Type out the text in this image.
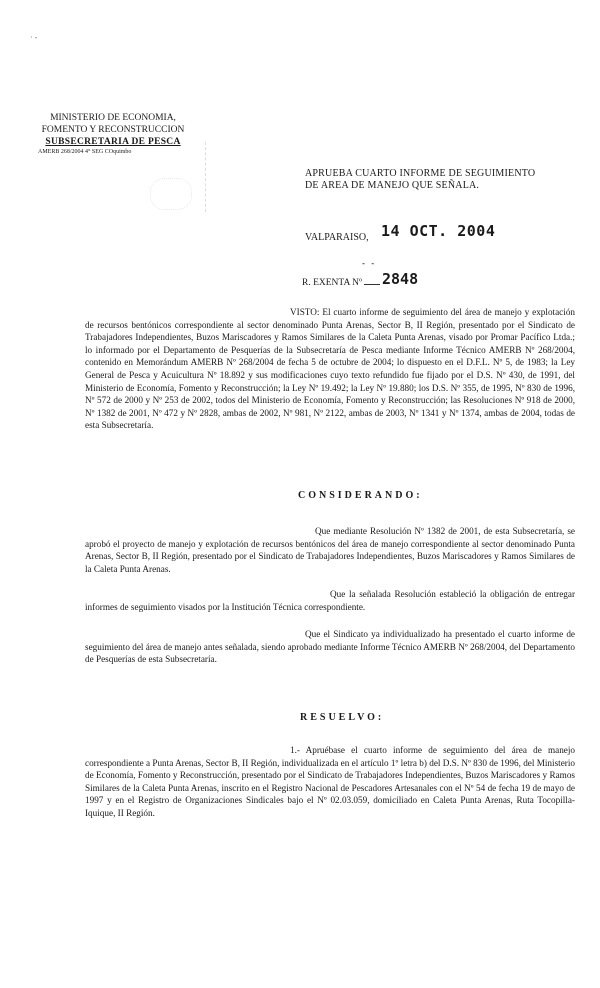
· -
MINISTERIO DE ECONOMIA,
FOMENTO Y RECONSTRUCCION
SUBSECRETARIA DE PESCA
AMERB 268/2004 4° SEG COquimbo
APRUEBA CUARTO INFORME DE SEGUIMIENTO
DE AREA DE MANEJO QUE SEÑALA.
VALPARAISO, 14 OCT. 2004
- -
R. EXENTA Nº	2848
VISTO: El cuarto informe de seguimiento del área de manejo y explotación de recursos bentónicos correspondiente al sector denominado Punta Arenas, Sector B, II Región, presentado por el Sindicato de Trabajadores Independientes, Buzos Mariscadores y Ramos Similares de la Caleta Punta Arenas, visado por Promar Pacífico Ltda.; lo informado por el Departamento de Pesquerías de la Subsecretaría de Pesca mediante Informe Técnico AMERB Nº 268/2004, contenido en Memorándum AMERB Nº 268/2004 de fecha 5 de octubre de 2004; lo dispuesto en el D.F.L. Nº 5, de 1983; la Ley General de Pesca y Acuicultura Nº 18.892 y sus modificaciones cuyo texto refundido fue fijado por el D.S. Nº 430, de 1991, del Ministerio de Economía, Fomento y Reconstrucción; la Ley Nº 19.492; la Ley Nº 19.880; los D.S. Nº 355, de 1995, Nº 830 de 1996, Nº 572 de 2000 y Nº 253 de 2002, todos del Ministerio de Economía, Fomento y Reconstrucción; las Resoluciones Nº 918 de 2000, Nº 1382 de 2001, Nº 472 y Nº 2828, ambas de 2002, Nº 981, Nº 2122, ambas de 2003, Nº 1341 y Nº 1374, ambas de 2004, todas de esta Subsecretaría.
CONSIDERANDO:
Que mediante Resolución Nº 1382 de 2001, de esta Subsecretaría, se aprobó el proyecto de manejo y explotación de recursos bentónicos del área de manejo correspondiente al sector denominado Punta Arenas, Sector B, II Región, presentado por el Sindicato de Trabajadores Independientes, Buzos Mariscadores y Ramos Similares de la Caleta Punta Arenas.
Que la señalada Resolución estableció la obligación de entregar informes de seguimiento visados por la Institución Técnica correspondiente.
Que el Sindicato ya individualizado ha presentado el cuarto informe de seguimiento del área de manejo antes señalada, siendo aprobado mediante Informe Técnico AMERB Nº 268/2004, del Departamento de Pesquerías de esta Subsecretaría.
RESUELVO:
1.- Apruébase el cuarto informe de seguimiento del área de manejo correspondiente a Punta Arenas, Sector B, II Región, individualizada en el artículo 1º letra b) del D.S. Nº 830 de 1996, del Ministerio de Economía, Fomento y Reconstrucción, presentado por el Sindicato de Trabajadores Independientes, Buzos Mariscadores y Ramos Similares de la Caleta Punta Arenas, inscrito en el Registro Nacional de Pescadores Artesanales con el Nº 54 de fecha 19 de mayo de 1997 y en el Registro de Organizaciones Sindicales bajo el Nº 02.03.059, domiciliado en Caleta Punta Arenas, Ruta Tocopilla-Iquique, II Región.
